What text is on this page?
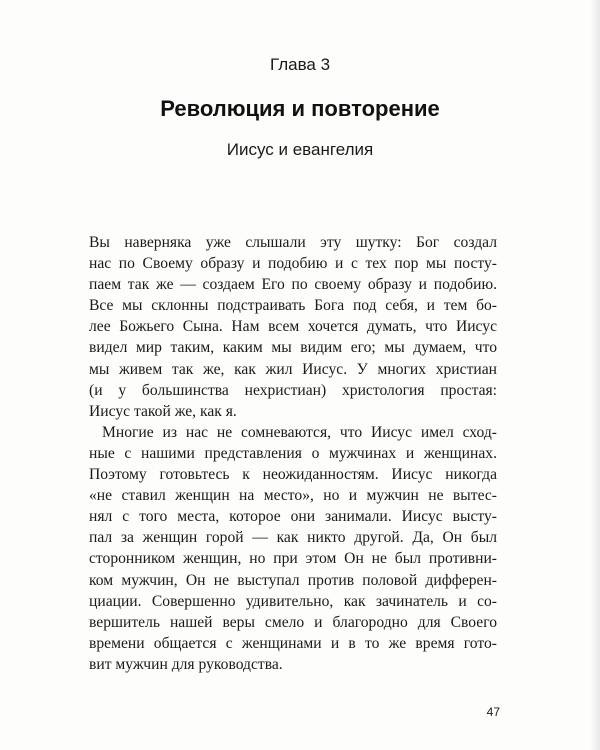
Глава 3
Революция и повторение
Иисус и евангелия
Вы наверняка уже слышали эту шутку: Бог создал
нас по Своему образу и подобию и с тех пор мы посту-
паем так же — создаем Его по своему образу и подобию.
Все мы склонны подстраивать Бога под себя, и тем бо-
лее Божьего Сына. Нам всем хочется думать, что Иисус
видел мир таким, каким мы видим его; мы думаем, что
мы живем так же, как жил Иисус. У многих христиан
(и у большинства нехристиан) христология простая:
Иисус такой же, как я.
Многие из нас не сомневаются, что Иисус имел сход-
ные с нашими представления о мужчинах и женщинах.
Поэтому готовьтесь к неожиданностям. Иисус никогда
«не ставил женщин на место», но и мужчин не вытес-
нял с того места, которое они занимали. Иисус высту-
пал за женщин горой — как никто другой. Да, Он был
сторонником женщин, но при этом Он не был противни-
ком мужчин, Он не выступал против половой дифферен-
циации. Совершенно удивительно, как зачинатель и со-
вершитель нашей веры смело и благородно для Своего
времени общается с женщинами и в то же время гото-
вит мужчин для руководства.
47
